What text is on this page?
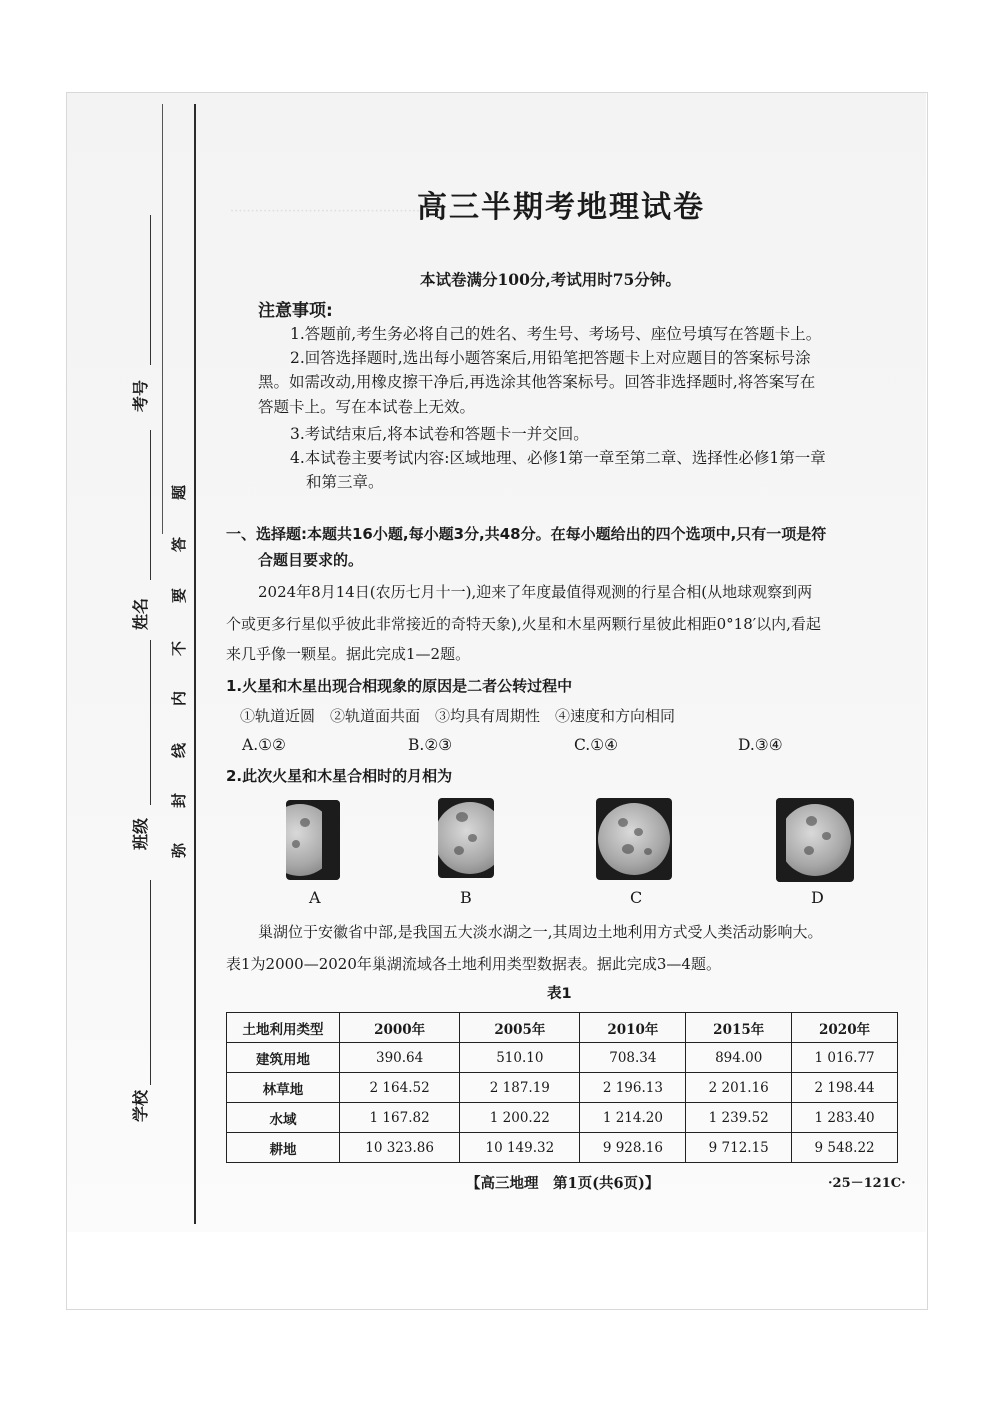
···············································
考号
姓名
班级
学校
弥
封
线
内
不
要
答
题
高三半期考地理试卷
本试卷满分100分,考试用时75分钟。
注意事项:
1.答题前,考生务必将自己的姓名、考生号、考场号、座位号填写在答题卡上。
2.回答选择题时,选出每小题答案后,用铅笔把答题卡上对应题目的答案标号涂
黑。如需改动,用橡皮擦干净后,再选涂其他答案标号。回答非选择题时,将答案写在
答题卡上。写在本试卷上无效。
3.考试结束后,将本试卷和答题卡一并交回。
4.本试卷主要考试内容:区域地理、必修1第一章至第二章、选择性必修1第一章
和第三章。
一、选择题:本题共16小题,每小题3分,共48分。在每小题给出的四个选项中,只有一项是符
合题目要求的。
2024年8月14日(农历七月十一),迎来了年度最值得观测的行星合相(从地球观察到两
个或更多行星似乎彼此非常接近的奇特天象),火星和木星两颗行星彼此相距0°18′以内,看起
来几乎像一颗星。据此完成1—2题。
1.火星和木星出现合相现象的原因是二者公转过程中
①轨道近圆　②轨道面共面　③均具有周期性　④速度和方向相同
A.①②	B.②③	C.①④	D.③④
2.此次火星和木星合相时的月相为
A	B	C	D
巢湖位于安徽省中部,是我国五大淡水湖之一,其周边土地利用方式受人类活动影响大。
表1为2000—2020年巢湖流域各土地利用类型数据表。据此完成3—4题。
表1
土地利用类型	2000年	2005年	2010年	2015年	2020年
建筑用地	390.64	510.10	708.34	894.00	1 016.77
林草地	2 164.52	2 187.19	2 196.13	2 201.16	2 198.44
水域	1 167.82	1 200.22	1 214.20	1 239.52	1 283.40
耕地	10 323.86	10 149.32	9 928.16	9 712.15	9 548.22
【高三地理　第1页(共6页)】	·25－121C·
